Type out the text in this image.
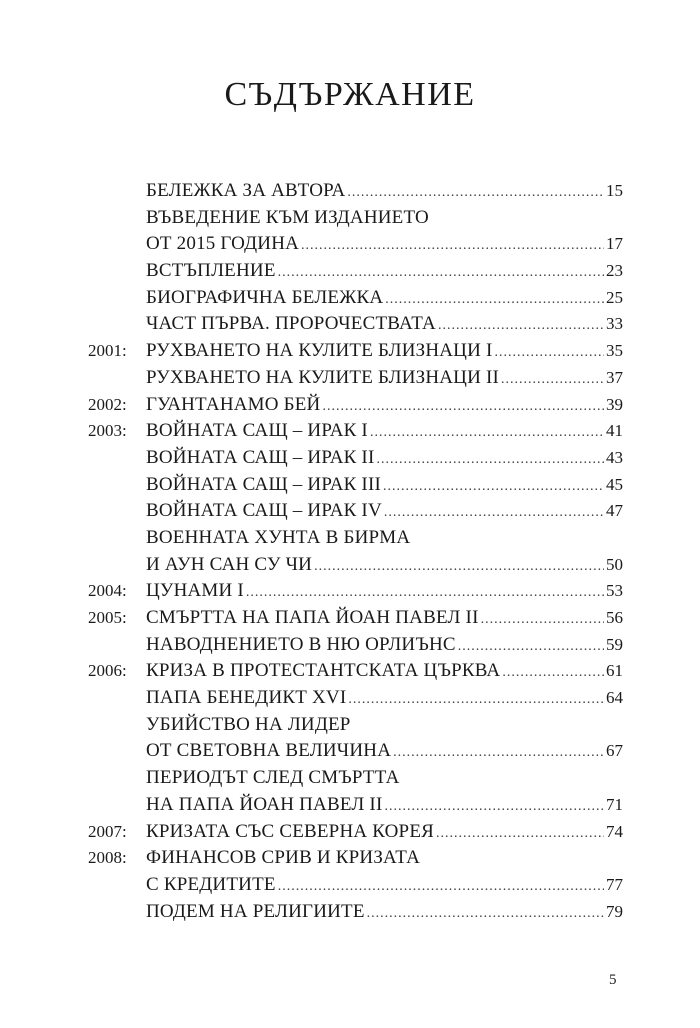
СЪДЪРЖАНИЕ
БЕЛЕЖКА ЗА АВТОРА .....	15
ВЪВЕДЕНИЕ КЪМ ИЗДАНИЕТО
ОТ 2015 ГОДИНА .....	17
ВСТЪПЛЕНИЕ .....	23
БИОГРАФИЧНА БЕЛЕЖКА .....	25
ЧАСТ ПЪРВА. ПРОРОЧЕСТВАТА .....	33
2001:	РУХВАНЕТО НА КУЛИТЕ БЛИЗНАЦИ I .....	35
РУХВАНЕТО НА КУЛИТЕ БЛИЗНАЦИ II .....	37
2002:	ГУАНТАНАМО БЕЙ .....	39
2003:	ВОЙНАТА САЩ – ИРАК I .....	41
ВОЙНАТА САЩ – ИРАК II .....	43
ВОЙНАТА САЩ – ИРАК III .....	45
ВОЙНАТА САЩ – ИРАК IV .....	47
ВОЕННАТА ХУНТА В БИРМА
И АУН САН СУ ЧИ .....	50
2004:	ЦУНАМИ I .....	53
2005:	СМЪРТТА НА ПАПА ЙОАН ПАВЕЛ II .....	56
НАВОДНЕНИЕТО В НЮ ОРЛИЪНС .....	59
2006:	КРИЗА В ПРОТЕСТАНТСКАТА ЦЪРКВА .....	61
ПАПА БЕНЕДИКТ XVI .....	64
УБИЙСТВО НА ЛИДЕР
ОТ СВЕТОВНА ВЕЛИЧИНА .....	67
ПЕРИОДЪТ СЛЕД СМЪРТТА
НА ПАПА ЙОАН ПАВЕЛ II .....	71
2007:	КРИЗАТА СЪС СЕВЕРНА КОРЕЯ .....	74
2008:	ФИНАНСОВ СРИВ И КРИЗАТА
С КРЕДИТИТЕ .....	77
ПОДЕМ НА РЕЛИГИИТЕ .....	79
5
